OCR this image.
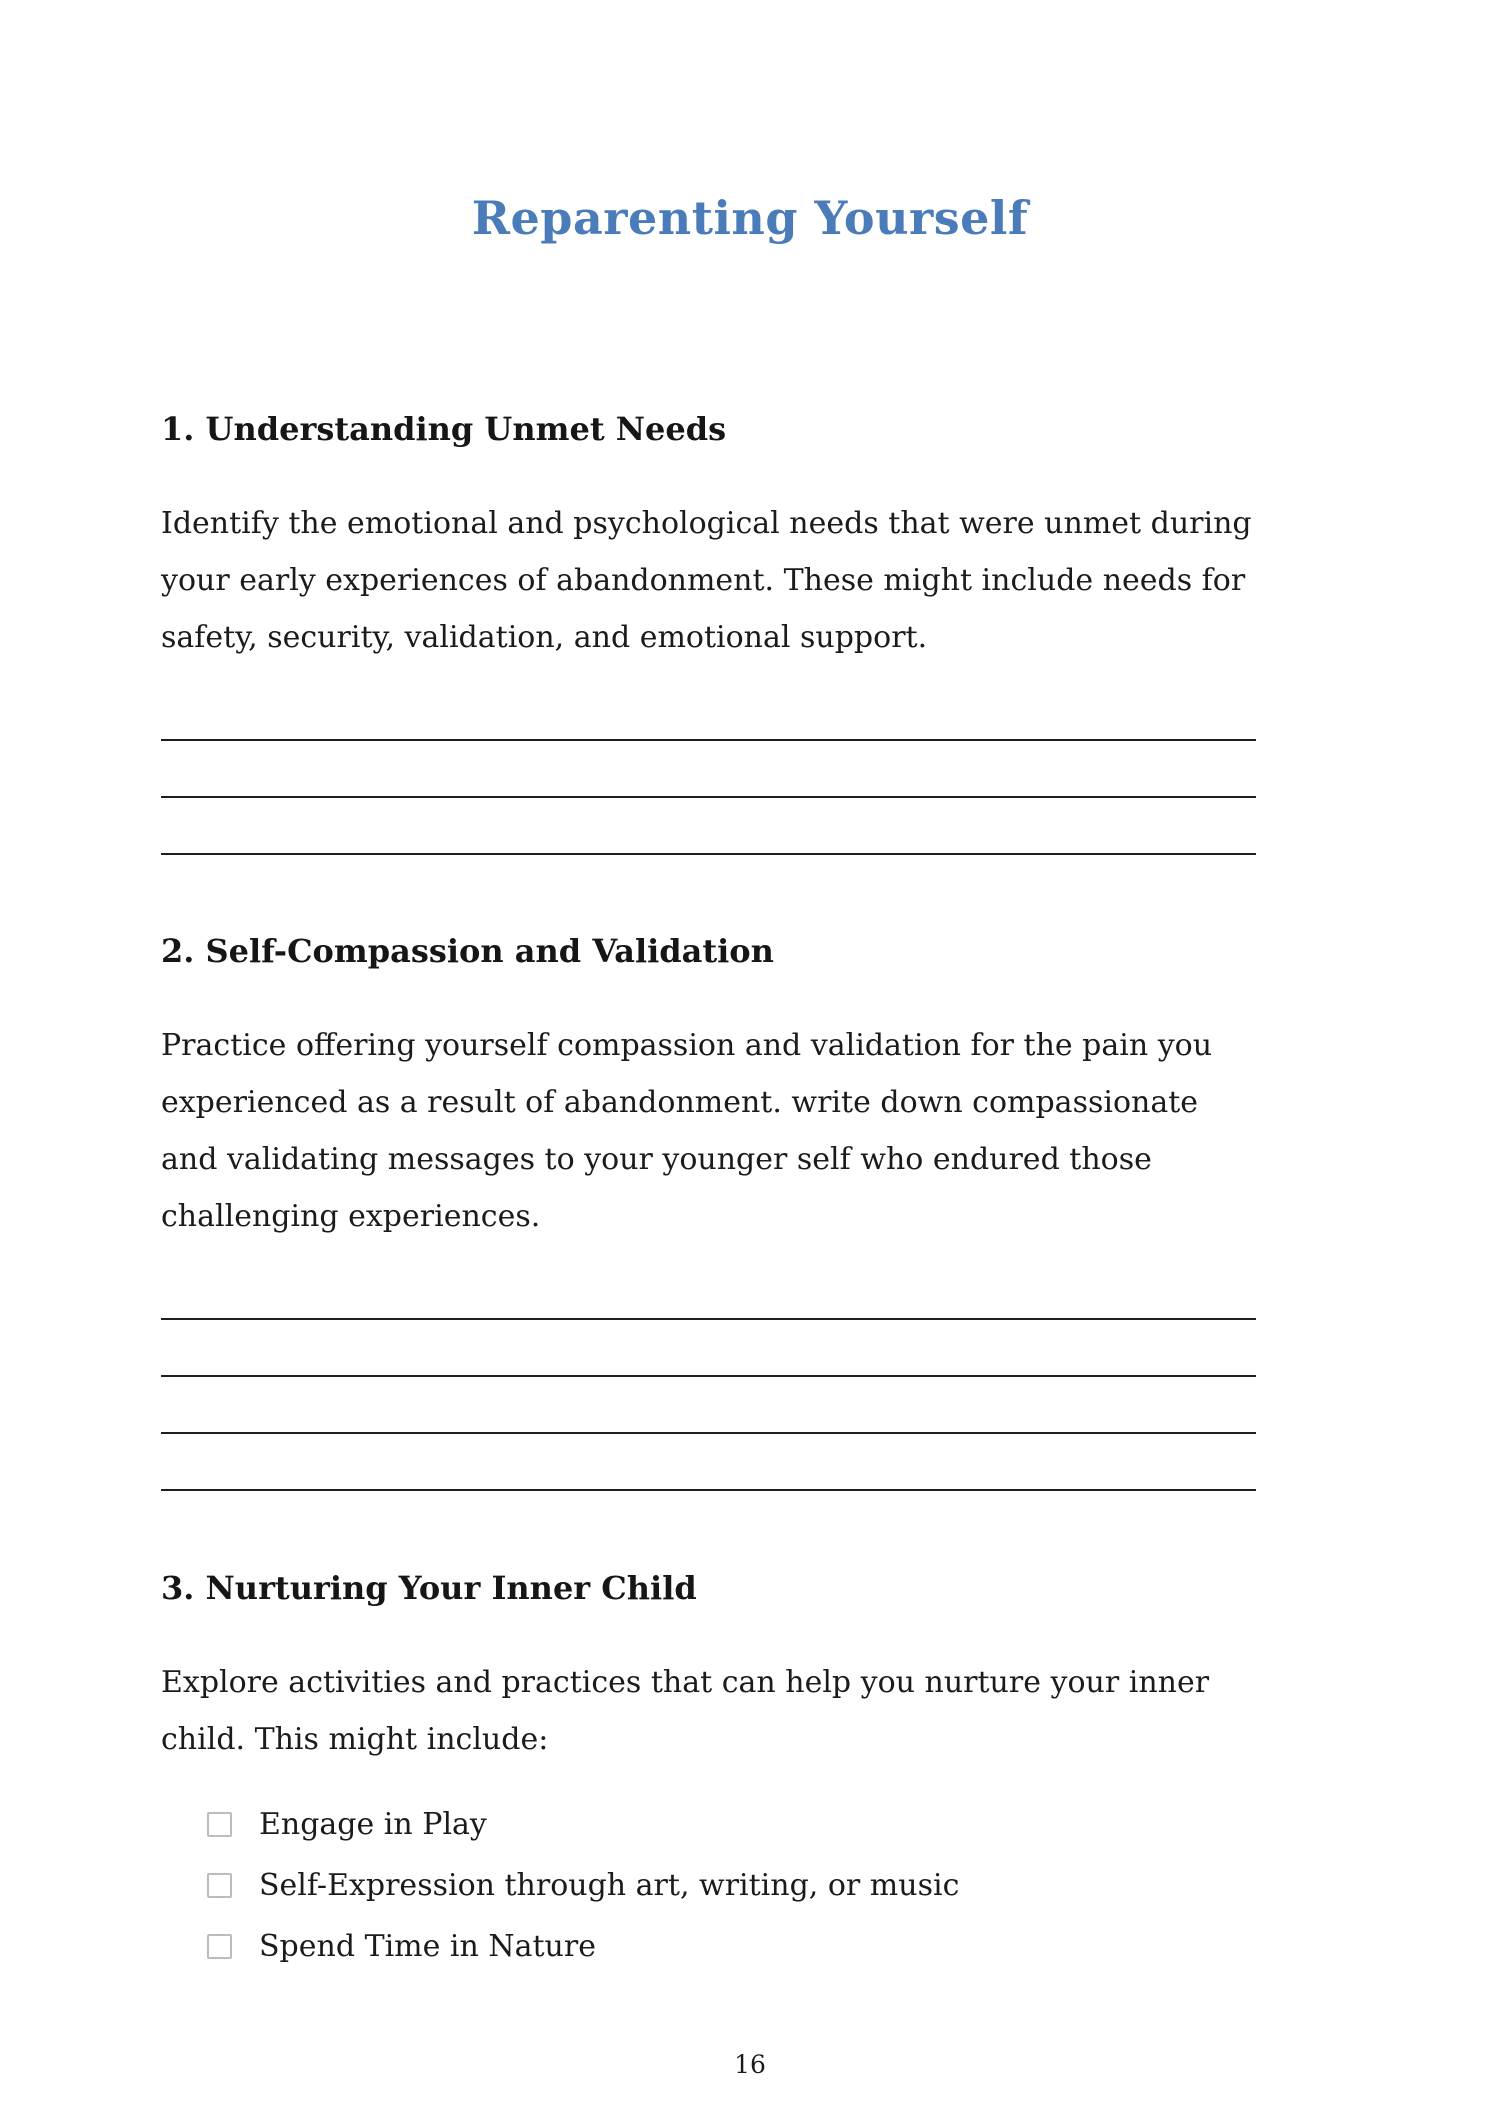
Reparenting Yourself
1. Understanding Unmet Needs

Identify the emotional and psychological needs that were unmet during your early experiences of abandonment. These might include needs for safety, security, validation, and emotional support.

2. Self-Compassion and Validation

Practice offering yourself compassion and validation for the pain you experienced as a result of abandonment. write down compassionate and validating messages to your younger self who endured those challenging experiences.

3. Nurturing Your Inner Child

Explore activities and practices that can help you nurture your inner child. This might include:

Engage in Play
Self-Expression through art, writing, or music
Spend Time in Nature
16
